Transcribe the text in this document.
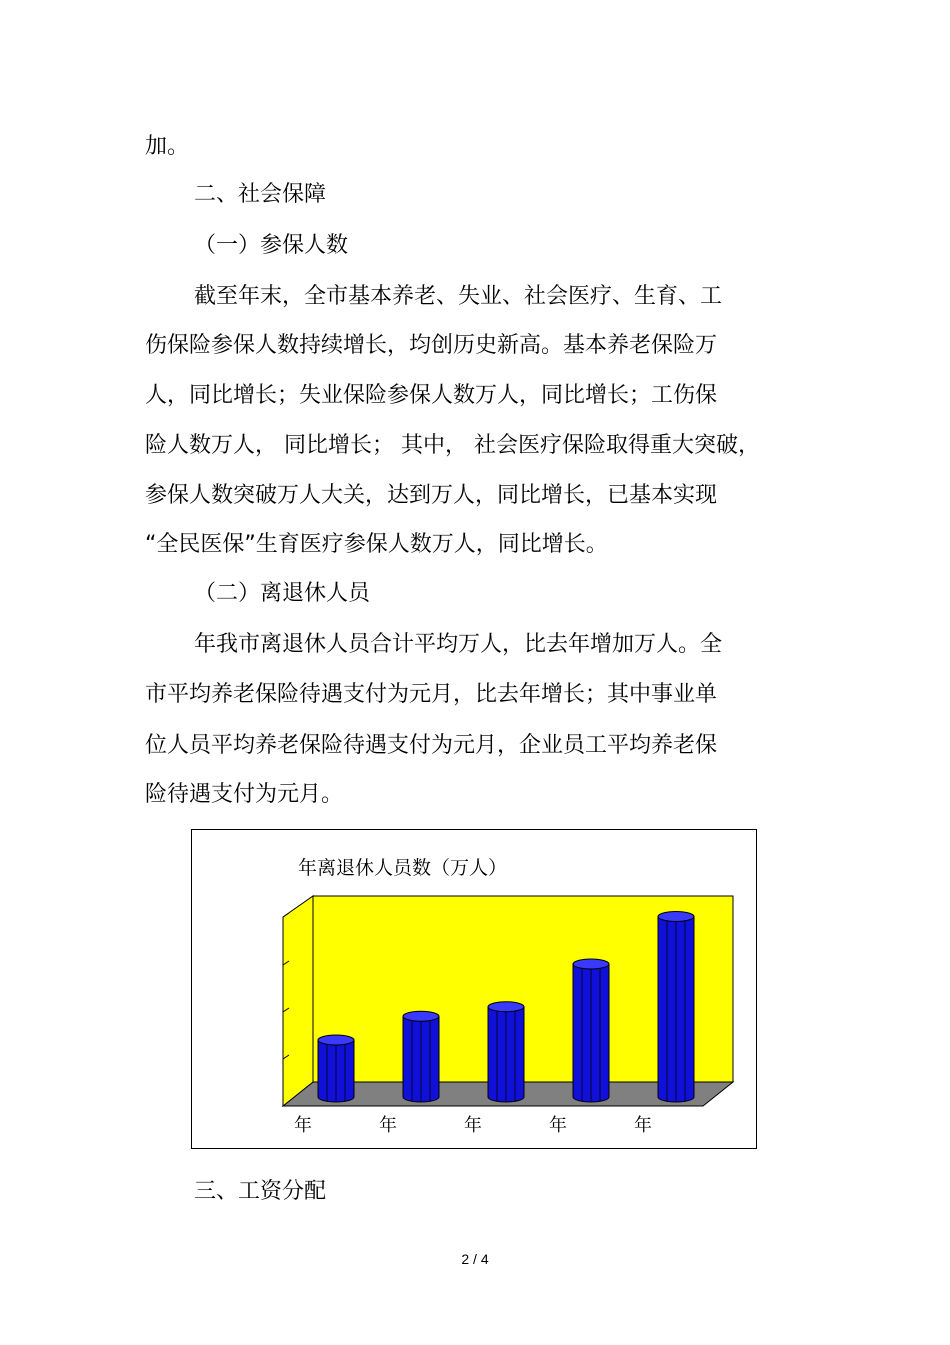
加。
二、社会保障
（一）参保人数
截至年末，全市基本养老、失业、社会医疗、生育、工
伤保险参保人数持续增长，均创历史新高。基本养老保险万
人，同比增长；失业保险参保人数万人，同比增长；工伤保
险人数万人， 同比增长； 其中， 社会医疗保险取得重大突破，
参保人数突破万人大关，达到万人，同比增长，已基本实现
“全民医保”生育医疗参保人数万人，同比增长。
（二）离退休人员
年我市离退休人员合计平均万人，比去年增加万人。全
市平均养老保险待遇支付为元月，比去年增长；其中事业单
位人员平均养老保险待遇支付为元月，企业员工平均养老保
险待遇支付为元月。
年离退休人员数（万人）
年	年	年	年	年
三、工资分配
2 / 4
